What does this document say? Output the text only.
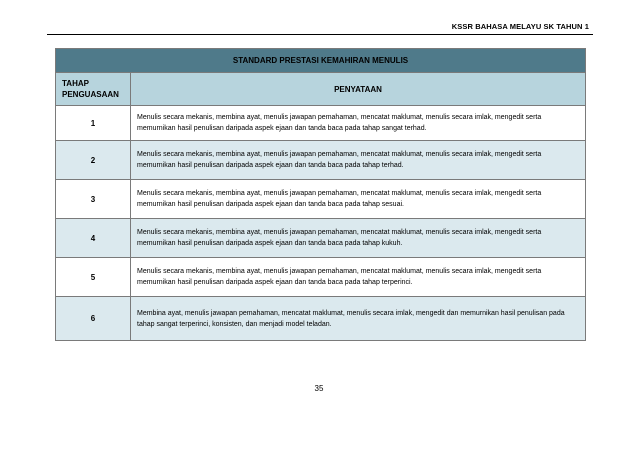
KSSR BAHASA MELAYU SK TAHUN 1
STANDARD PRESTASI KEMAHIRAN MENULIS	
TAHAP PENGUASAAN	PENYATAAN
1	Menulis secara mekanis, membina ayat, menulis jawapan pemahaman, mencatat maklumat, menulis secara imlak, mengedit serta memurnikan hasil penulisan daripada aspek ejaan dan tanda baca pada tahap sangat terhad.
2	Menulis secara mekanis, membina ayat, menulis jawapan pemahaman, mencatat maklumat, menulis secara imlak, mengedit serta memurnikan hasil penulisan daripada aspek ejaan dan tanda baca pada tahap terhad.
3	Menulis secara mekanis, membina ayat, menulis jawapan pemahaman, mencatat maklumat, menulis secara imlak, mengedit serta memurnikan hasil penulisan daripada aspek ejaan dan tanda baca pada tahap sesuai.
4	Menulis secara mekanis, membina ayat, menulis jawapan pemahaman, mencatat maklumat, menulis secara imlak, mengedit serta memurnikan hasil penulisan daripada aspek ejaan dan tanda baca pada tahap kukuh.
5	Menulis secara mekanis, membina ayat, menulis jawapan pemahaman, mencatat maklumat, menulis secara imlak, mengedit serta memurnikan hasil penulisan daripada aspek ejaan dan tanda baca pada tahap terperinci.
6	Membina ayat, menulis jawapan pemahaman, mencatat maklumat, menulis secara imlak, mengedit dan memurnikan hasil penulisan pada tahap sangat terperinci, konsisten, dan menjadi model teladan.
35
